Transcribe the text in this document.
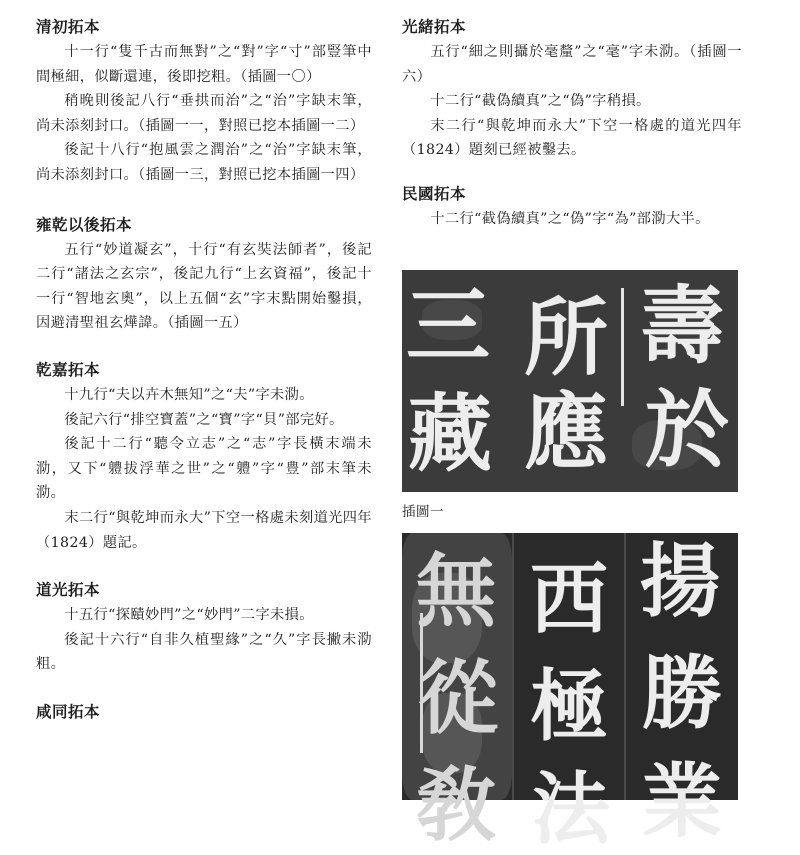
清初拓本

十一行“隻千古而無對”之“對”字“寸”部豎筆中間極細，似斷還連，後即挖粗。（插圖一〇）

稍晚則後記八行“垂拱而治”之“治”字缺末筆，尚未添刻封口。（插圖一一，對照已挖本插圖一二）

後記十八行“抱風雲之潤治”之“治”字缺末筆，尚未添刻封口。（插圖一三，對照已挖本插圖一四）

雍乾以後拓本

五行“妙道凝玄”，十行“有玄奘法師者”，後記二行“諸法之玄宗”，後記九行“上玄資福”，後記十一行“智地玄奧”，以上五個“玄”字末點開始鑿損，因避清聖祖玄燁諱。（插圖一五）

乾嘉拓本

十九行“夫以卉木無知”之“夫”字未泐。

後記六行“排空寶蓋”之“寶”字“貝”部完好。

後記十二行“聽令立志”之“志”字長橫末端未泐，又下“軆拔浮華之世”之“軆”字“豊”部末筆未泐。

末二行“與乾坤而永大”下空一格處未刻道光四年（1824）題記。

道光拓本

十五行“探賾妙門”之“妙門”二字未損。

後記十六行“自非久植聖緣”之“久”字長撇未泐粗。

咸同拓本

光緒拓本

五行“細之則攝於毫釐”之“毫”字未泐。（插圖一六）

十二行“截偽續真”之“偽”字稍損。

末二行“與乾坤而永大”下空一格處的道光四年（1824）題刻已經被鑿去。

民國拓本

十二行“截偽續真”之“偽”字“為”部泐大半。

壽
於
所
應
三
藏
插圖一
揚
勝
業
西
極
法
無
從
敎
